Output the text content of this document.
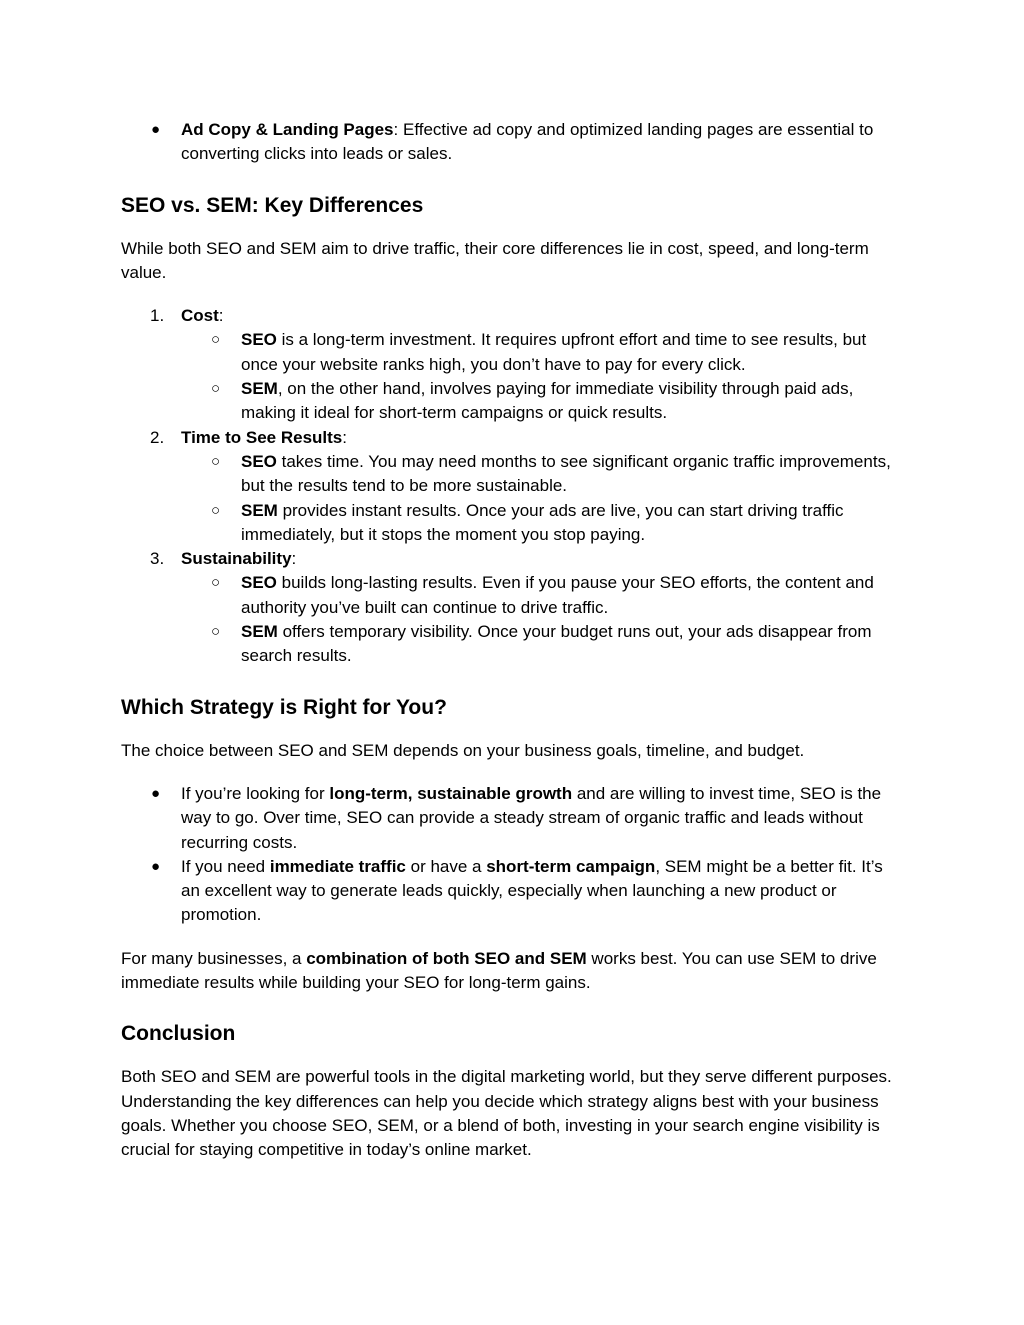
● Ad Copy & Landing Pages: Effective ad copy and optimized landing pages are essential to converting clicks into leads or sales.
SEO vs. SEM: Key Differences

While both SEO and SEM aim to drive traffic, their core differences lie in cost, speed, and long-term value.

1. Cost:
○ SEO is a long-term investment. It requires upfront effort and time to see results, but once your website ranks high, you don’t have to pay for every click.
○ SEM, on the other hand, involves paying for immediate visibility through paid ads, making it ideal for short-term campaigns or quick results.
2. Time to See Results:
○ SEO takes time. You may need months to see significant organic traffic improvements, but the results tend to be more sustainable.
○ SEM provides instant results. Once your ads are live, you can start driving traffic immediately, but it stops the moment you stop paying.
3. Sustainability:
○ SEO builds long-lasting results. Even if you pause your SEO efforts, the content and authority you’ve built can continue to drive traffic.
○ SEM offers temporary visibility. Once your budget runs out, your ads disappear from search results.
Which Strategy is Right for You?

The choice between SEO and SEM depends on your business goals, timeline, and budget.

● If you’re looking for long-term, sustainable growth and are willing to invest time, SEO is the way to go. Over time, SEO can provide a steady stream of organic traffic and leads without recurring costs.
● If you need immediate traffic or have a short-term campaign, SEM might be a better fit. It’s an excellent way to generate leads quickly, especially when launching a new product or promotion.

For many businesses, a combination of both SEO and SEM works best. You can use SEM to drive immediate results while building your SEO for long-term gains.

Conclusion

Both SEO and SEM are powerful tools in the digital marketing world, but they serve different purposes. Understanding the key differences can help you decide which strategy aligns best with your business goals. Whether you choose SEO, SEM, or a blend of both, investing in your search engine visibility is crucial for staying competitive in today’s online market.
